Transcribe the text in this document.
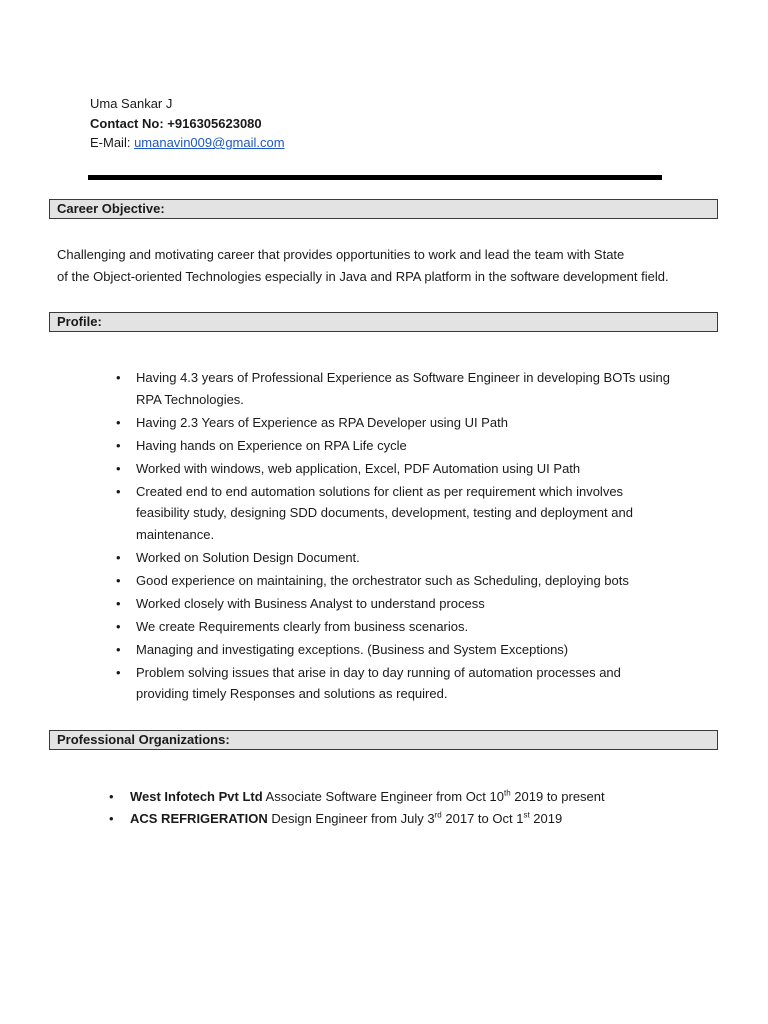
Uma Sankar J
Contact No: +916305623080
E-Mail: umanavin009@gmail.com
Career Objective:
Challenging and motivating career that provides opportunities to work and lead the team with State
of the Object-oriented Technologies especially in Java and RPA platform in the software development field.
Profile:
• Having 4.3 years of Professional Experience as Software Engineer in developing BOTs using RPA Technologies.
• Having 2.3 Years of Experience as RPA Developer using UI Path
• Having hands on Experience on RPA Life cycle
• Worked with windows, web application, Excel, PDF Automation using UI Path
• Created end to end automation solutions for client as per requirement which involves feasibility study, designing SDD documents, development, testing and deployment and maintenance.
• Worked on Solution Design Document.
• Good experience on maintaining, the orchestrator such as Scheduling, deploying bots
• Worked closely with Business Analyst to understand process
• We create Requirements clearly from business scenarios.
• Managing and investigating exceptions. (Business and System Exceptions)
• Problem solving issues that arise in day to day running of automation processes and providing timely Responses and solutions as required.
Professional Organizations:
• West Infotech Pvt Ltd Associate Software Engineer from Oct 10th 2019 to present
• ACS REFRIGERATION Design Engineer from July 3rd 2017 to Oct 1st 2019
